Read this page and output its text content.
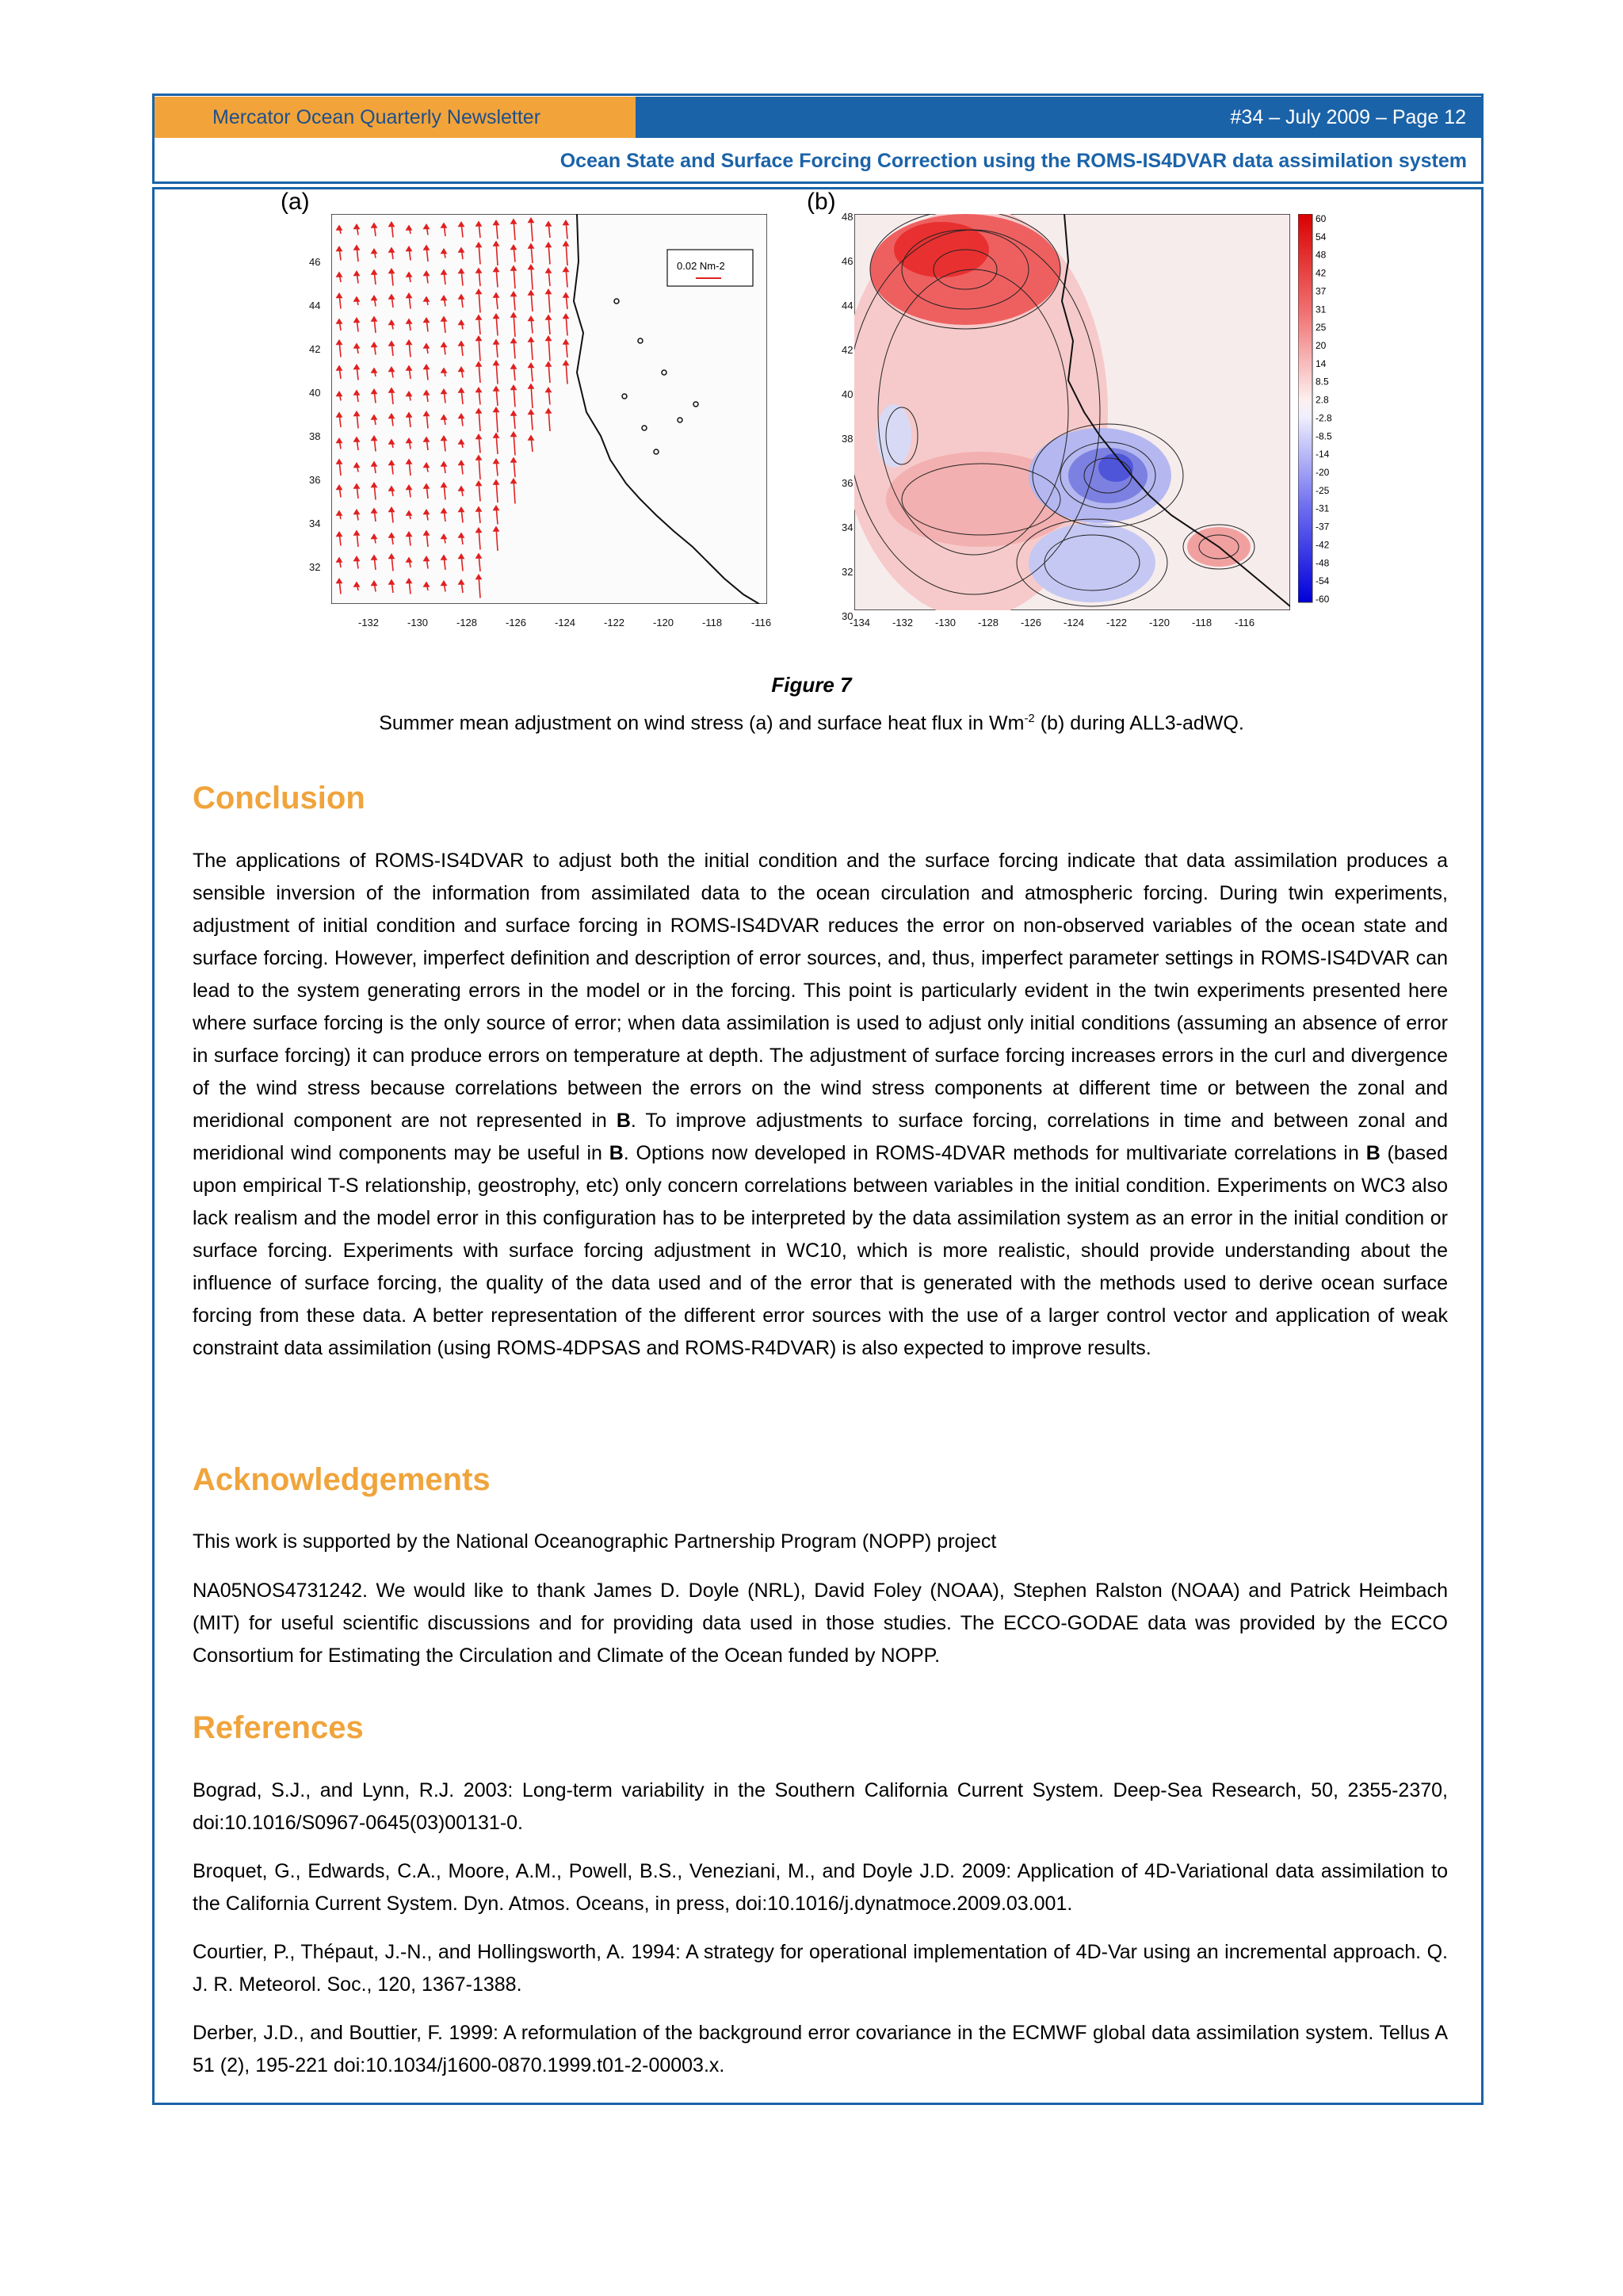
Mercator Ocean Quarterly Newsletter	#34 – July 2009 – Page 12
Ocean State and Surface Forcing Correction using the ROMS-IS4DVAR data assimilation system
(a)	(b)
0.02 Nm-2
60
54
48
42
37
31
25
20
14
8.5
2.8
-2.8
-8.5
-14
-20
-25
-31
-37
-42
-48
-54
-60
46
44
42
40
38
36
34
32
-132	-130	-128	-126	-124	-122	-120	-118	-116
48
46
44
42
40
38
36
34
32
30
-134 -132 -130 -128 -126 -124 -122 -120 -118 -116
Figure 7
Summer mean adjustment on wind stress (a) and surface heat flux in $Wm^{-2}$ (b) during ALL3-adWQ.
Conclusion
The applications of ROMS-IS4DVAR to adjust both the initial condition and the surface forcing indicate that data assimilation produces a sensible inversion of the information from assimilated data to the ocean circulation and atmospheric forcing. During twin experiments, adjustment of initial condition and surface forcing in ROMS-IS4DVAR reduces the error on non-observed variables of the ocean state and surface forcing. However, imperfect definition and description of error sources, and, thus, imperfect parameter settings in ROMS-IS4DVAR can lead to the system generating errors in the model or in the forcing. This point is particularly evident in the twin experiments presented here where surface forcing is the only source of error; when data assimilation is used to adjust only initial conditions (assuming an absence of error in surface forcing) it can produce errors on temperature at depth. The adjustment of surface forcing increases errors in the curl and divergence of the wind stress because correlations between the errors on the wind stress components at different time or between the zonal and meridional component are not represented in B. To improve adjustments to surface forcing, correlations in time and between zonal and meridional wind components may be useful in B. Options now developed in ROMS-4DVAR methods for multivariate correlations in B (based upon empirical T-S relationship, geostrophy, etc) only concern correlations between variables in the initial condition. Experiments on WC3 also lack realism and the model error in this configuration has to be interpreted by the data assimilation system as an error in the initial condition or surface forcing. Experiments with surface forcing adjustment in WC10, which is more realistic, should provide understanding about the influence of surface forcing, the quality of the data used and of the error that is generated with the methods used to derive ocean surface forcing from these data. A better representation of the different error sources with the use of a larger control vector and application of weak constraint data assimilation (using ROMS-4DPSAS and ROMS-R4DVAR) is also expected to improve results.
Acknowledgements
This work is supported by the National Oceanographic Partnership Program (NOPP) project
NA05NOS4731242. We would like to thank James D. Doyle (NRL), David Foley (NOAA), Stephen Ralston (NOAA) and Patrick Heimbach (MIT) for useful scientific discussions and for providing data used in those studies. The ECCO-GODAE data was provided by the ECCO Consortium for Estimating the Circulation and Climate of the Ocean funded by NOPP.
References
Bograd, S.J., and Lynn, R.J. 2003: Long-term variability in the Southern California Current System. Deep-Sea Research, 50, 2355-2370, doi:10.1016/S0967-0645(03)00131-0.
Broquet, G., Edwards, C.A., Moore, A.M., Powell, B.S., Veneziani, M., and Doyle J.D. 2009: Application of 4D-Variational data assimilation to the California Current System. Dyn. Atmos. Oceans, in press, doi:10.1016/j.dynatmoce.2009.03.001.
Courtier, P., Thépaut, J.-N., and Hollingsworth, A. 1994: A strategy for operational implementation of 4D-Var using an incremental approach. Q. J. R. Meteorol. Soc., 120, 1367-1388.
Derber, J.D., and Bouttier, F. 1999: A reformulation of the background error covariance in the ECMWF global data assimilation system. Tellus A 51 (2), 195-221 doi:10.1034/j1600-0870.1999.t01-2-00003.x.
